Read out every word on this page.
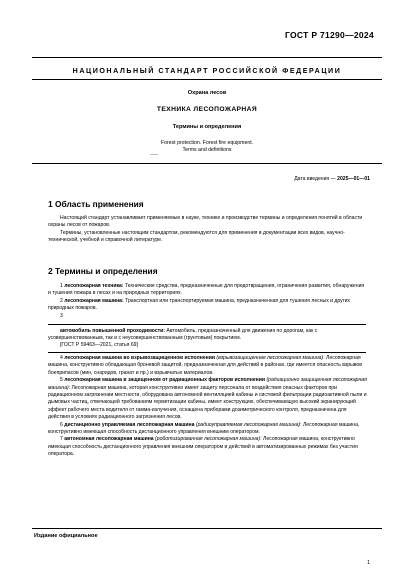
ГОСТ Р 71290—2024
НАЦИОНАЛЬНЫЙ СТАНДАРТ РОССИЙСКОЙ ФЕДЕРАЦИИ
Охрана лесов
ТЕХНИКА ЛЕСОПОЖАРНАЯ
Термины и определения
Forest protection. Forest fire equipment.
Terms and definitions
Дата введения — 2025—01—01
1 Область применения

Настоящий стандарт устанавливает применяемые в науке, технике и производстве термины и определения понятий в области охраны лесов от пожаров.

Термины, установленные настоящим стандартом, рекомендуются для применения в документации всех видов, научно-технической, учебной и справочной литературе.

2 Термины и определения

1 лесопожарная техника: Технические средства, предназначенные для предотвращения, ограничения развития, обнаружения и тушения пожара в лесах и на природных территориях.

2 лесопожарная машина: Транспортная или транспортируемая машина, предназначенная для тушения лесных и других природных пожаров.

3

автомобиль повышенной проходимости: Автомобиль, предназначенный для движения по дорогам, как с усовершенствованным, так и с неусовершенствованным (грунтовым) покрытием.

[ГОСТ Р 59463—2021, статья 69]

4 лесопожарная машина во взрывозащищенном исполнении (взрывозащищенная лесопожарная машина): Лесопожарная машина, конструктивно обладающая броневой защитой, предназначенная для действий в районах, где имеется опасность взрывов боеприпасов (мин, снарядов, гранат и пр.) и взрывчатых материалов.

5 лесопожарная машина в защищенном от радиационных факторов исполнении (радиационно защищенная лесопожарная машина): Лесопожарная машина, которая конструктивно имеет защиту персонала от воздействия опасных факторов при радиационном загрязнении местности, оборудована автономной вентиляцией кабины и системой фильтрации радиоактивной пыли и дымовых частиц, отвечающей требованиям герметизации кабины, имеет конструкцию, обеспечивающую высокий экранирующий эффект рабочего места водителя от гамма-излучения, оснащена приборами дозиметрического контроля, предназначена для действия в условиях радиационного загрязнения лесов.

6 дистанционно управляемая лесопожарная машина (радиоуправляемая лесопожарная машина): Лесопожарная машина, конструктивно имеющая способность дистанционного управления внешним оператором.

7 автономная лесопожарная машина (роботизированная лесопожарная машина): Лесопожарная машина, конструктивно имеющая способность дистанционного управления внешним оператором и действий в автоматизированных режимах без участия оператора.

Издание официальное
1
